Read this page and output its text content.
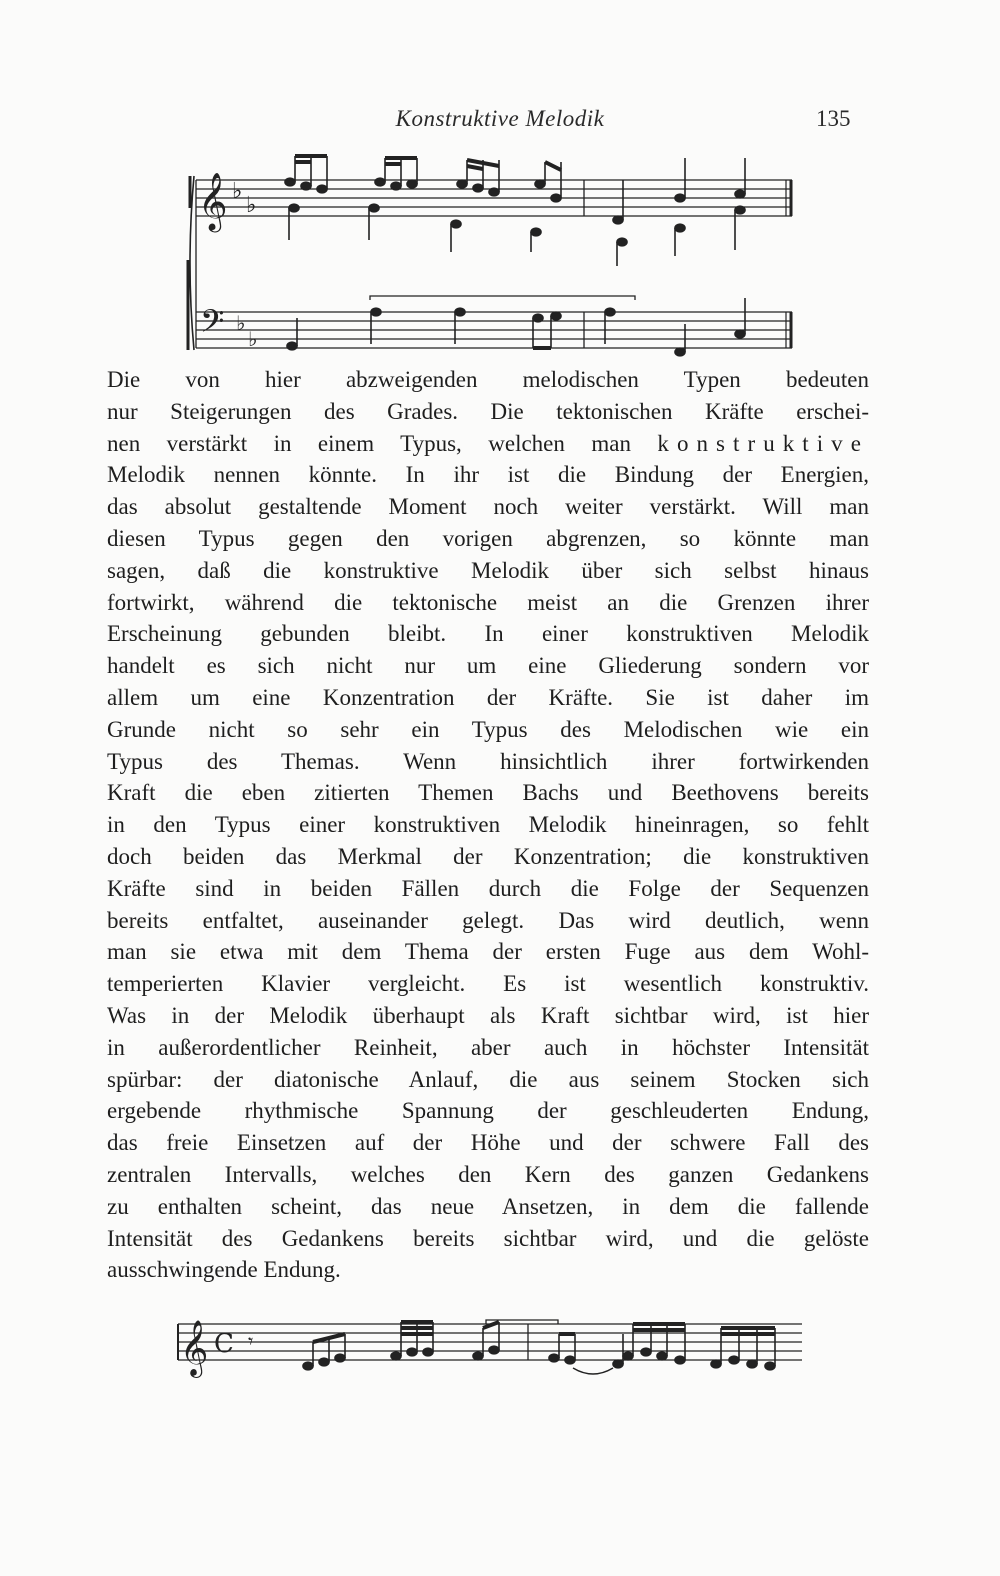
Konstruktive Melodik	135
𝄞 ♭
♭
𝄢 ♭
♭
Die von hier abzweigenden melodischen Typen bedeuten
nur Steigerungen des Grades. Die tektonischen Kräfte erschei-
nen verstärkt in einem Typus, welchen man konstruktive
Melodik nennen könnte. In ihr ist die Bindung der Energien,
das absolut gestaltende Moment noch weiter verstärkt. Will man
diesen Typus gegen den vorigen abgrenzen, so könnte man
sagen, daß die konstruktive Melodik über sich selbst hinaus
fortwirkt, während die tektonische meist an die Grenzen ihrer
Erscheinung gebunden bleibt. In einer konstruktiven Melodik
handelt es sich nicht nur um eine Gliederung sondern vor
allem um eine Konzentration der Kräfte. Sie ist daher im
Grunde nicht so sehr ein Typus des Melodischen wie ein
Typus des Themas. Wenn hinsichtlich ihrer fortwirkenden
Kraft die eben zitierten Themen Bachs und Beethovens bereits
in den Typus einer konstruktiven Melodik hineinragen, so fehlt
doch beiden das Merkmal der Konzentration; die konstruktiven
Kräfte sind in beiden Fällen durch die Folge der Sequenzen
bereits entfaltet, auseinander gelegt. Das wird deutlich, wenn
man sie etwa mit dem Thema der ersten Fuge aus dem Wohl-
temperierten Klavier vergleicht. Es ist wesentlich konstruktiv.
Was in der Melodik überhaupt als Kraft sichtbar wird, ist hier
in außerordentlicher Reinheit, aber auch in höchster Intensität
spürbar: der diatonische Anlauf, die aus seinem Stocken sich
ergebende rhythmische Spannung der geschleuderten Endung,
das freie Einsetzen auf der Höhe und der schwere Fall des
zentralen Intervalls, welches den Kern des ganzen Gedankens
zu enthalten scheint, das neue Ansetzen, in dem die fallende
Intensität des Gedankens bereits sichtbar wird, und die gelöste
ausschwingende Endung.
𝄞 C 𝄾
